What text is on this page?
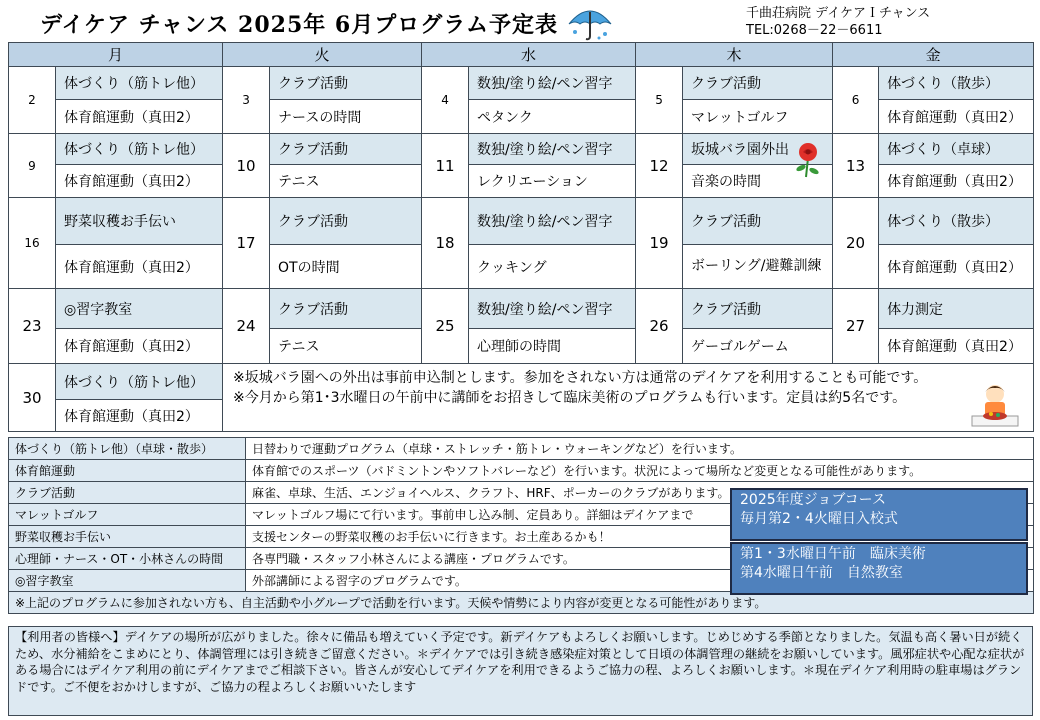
デイケア チャンス 2025年 6月プログラム予定表	千曲荘病院 デイケアＩチャンス
TEL:0268－22－6611
月		火		水		木		金	
2	体づくり（筋トレ他）	3	クラブ活動	4	数独/塗り絵/ペン習字	5	クラブ活動	6	体づくり（散歩）
	体育館運動（真田2）		ナースの時間		ペタンク		マレットゴルフ		体育館運動（真田2）
9	体づくり（筋トレ他）	10	クラブ活動	11	数独/塗り絵/ペン習字	12	坂城バラ園外出	13	体づくり（卓球）
	体育館運動（真田2）		テニス		レクリエーション		音楽の時間		体育館運動（真田2）
16	野菜収穫お手伝い	17	クラブ活動	18	数独/塗り絵/ペン習字	19	クラブ活動	20	体づくり（散歩）
	体育館運動（真田2）		OTの時間		クッキング		ボーリング/避難訓練		体育館運動（真田2）
23	◎習字教室	24	クラブ活動	25	数独/塗り絵/ペン習字	26	クラブ活動	27	体力測定
	体育館運動（真田2）		テニス		心理師の時間		ゲーゴルゲーム		体育館運動（真田2）
30	体づくり（筋トレ他）	※坂城バラ園への外出は事前申込制とします。参加をされない方は通常のデイケアを利用することも可能です。
※今月から第1･3水曜日の午前中に講師をお招きして臨床美術のプログラムも行います。定員は約5名です。							

	体育館運動（真田2）								
体づくり（筋トレ他）（卓球・散歩）	日替わりで運動プログラム（卓球・ストレッチ・筋トレ・ウォーキングなど）を行います。
体育館運動	体育館でのスポーツ（バドミントンやソフトバレーなど）を行います。状況によって場所など変更となる可能性があります。
クラブ活動	麻雀、卓球、生活、エンジョイヘルス、クラフト、HRF、ポーカーのクラブがあります。
マレットゴルフ	マレットゴルフ場にて行います。事前申し込み制、定員あり。詳細はデイケアまで
野菜収穫お手伝い	支援センターの野菜収穫のお手伝いに行きます。お土産あるかも！
心理師・ナース・OT・小林さんの時間	各専門職・スタッフ小林さんによる講座・プログラムです。
◎習字教室	外部講師による習字のプログラムです。
※上記のプログラムに参加されない方も、自主活動や小グループで活動を行います。天候や情勢により内容が変更となる可能性があります。	
2025年度ジョブコース
毎月第2・4火曜日入校式
第1・3水曜日午前　臨床美術
第4水曜日午前　自然教室
【利用者の皆様へ】デイケアの場所が広がりました。徐々に備品も増えていく予定です。新デイケアもよろしくお願いします。じめじめする季節となりました。気温も高く暑い日が続くため、水分補給をこまめにとり、体調管理には引き続きご留意ください。＊デイケアでは引き続き感染症対策として日頃の体調管理の継続をお願いしています。風邪症状や心配な症状がある場合にはデイケア利用の前にデイケアまでご相談下さい。皆さんが安心してデイケアを利用できるようご協力の程、よろしくお願いします。＊現在デイケア利用時の駐車場はグランドです。ご不便をおかけしますが、ご協力の程よろしくお願いいたします
